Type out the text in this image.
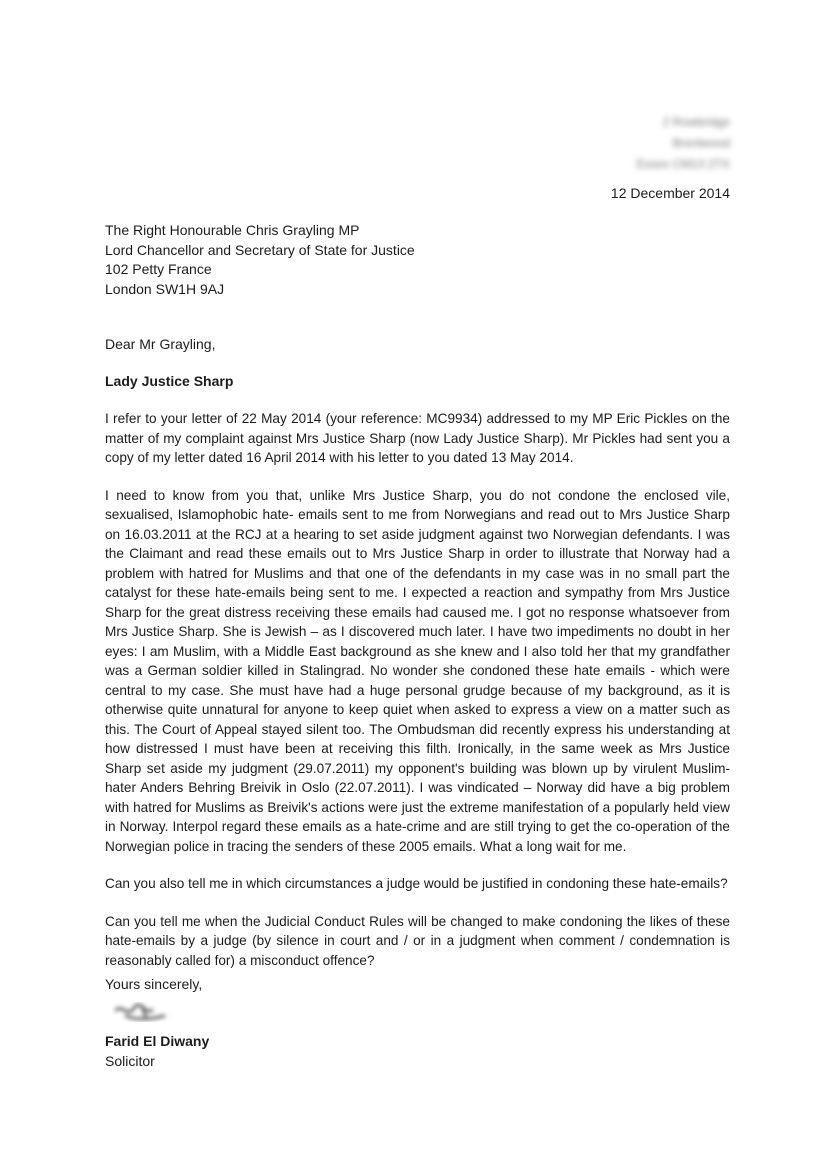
2 Rowbridge
Brentwood
Essex CM13 2TX
12 December 2014
The Right Honourable Chris Grayling MP
Lord Chancellor and Secretary of State for Justice
102 Petty France
London SW1H 9AJ
Dear Mr Grayling,
Lady Justice Sharp

I refer to your letter of 22 May 2014 (your reference: MC9934) addressed to my MP Eric Pickles on the matter of my complaint against Mrs Justice Sharp (now Lady Justice Sharp). Mr Pickles had sent you a copy of my letter dated 16 April 2014 with his letter to you dated 13 May 2014.

I need to know from you that, unlike Mrs Justice Sharp, you do not condone the enclosed vile, sexualised, Islamophobic hate- emails sent to me from Norwegians and read out to Mrs Justice Sharp on 16.03.2011 at the RCJ at a hearing to set aside judgment against two Norwegian defendants. I was the Claimant and read these emails out to Mrs Justice Sharp in order to illustrate that Norway had a problem with hatred for Muslims and that one of the defendants in my case was in no small part the catalyst for these hate-emails being sent to me. I expected a reaction and sympathy from Mrs Justice Sharp for the great distress receiving these emails had caused me. I got no response whatsoever from Mrs Justice Sharp. She is Jewish – as I discovered much later. I have two impediments no doubt in her eyes: I am Muslim, with a Middle East background as she knew and I also told her that my grandfather was a German soldier killed in Stalingrad. No wonder she condoned these hate emails - which were central to my case. She must have had a huge personal grudge because of my background, as it is otherwise quite unnatural for anyone to keep quiet when asked to express a view on a matter such as this. The Court of Appeal stayed silent too. The Ombudsman did recently express his understanding at how distressed I must have been at receiving this filth. Ironically, in the same week as Mrs Justice Sharp set aside my judgment (29.07.2011) my opponent's building was blown up by virulent Muslim-hater Anders Behring Breivik in Oslo (22.07.2011). I was vindicated – Norway did have a big problem with hatred for Muslims as Breivik's actions were just the extreme manifestation of a popularly held view in Norway. Interpol regard these emails as a hate-crime and are still trying to get the co-operation of the Norwegian police in tracing the senders of these 2005 emails. What a long wait for me.

Can you also tell me in which circumstances a judge would be justified in condoning these hate-emails?

Can you tell me when the Judicial Conduct Rules will be changed to make condoning the likes of these hate-emails by a judge (by silence in court and / or in a judgment when comment / condemnation is reasonably called for) a misconduct offence?

Yours sincerely,
Farid El Diwany
Solicitor
